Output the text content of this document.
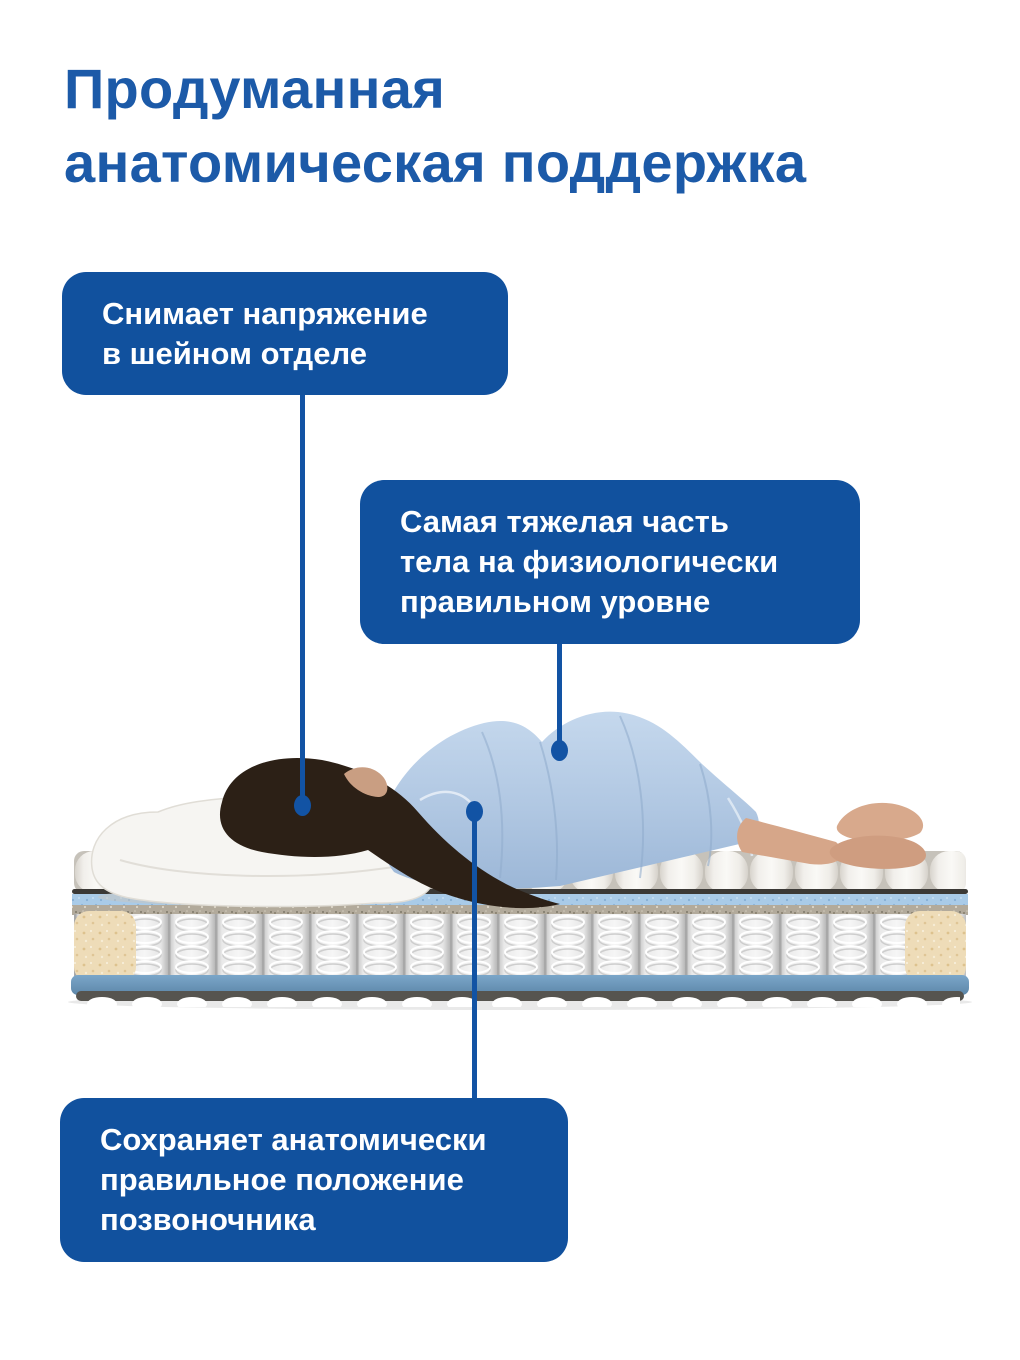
Продуманная
анатомическая поддержка
Снимает напряжение
в шейном отделе
Самая тяжелая часть
тела на физиологически
правильном уровне
Сохраняет анатомически
правильное положение
позвоночника
